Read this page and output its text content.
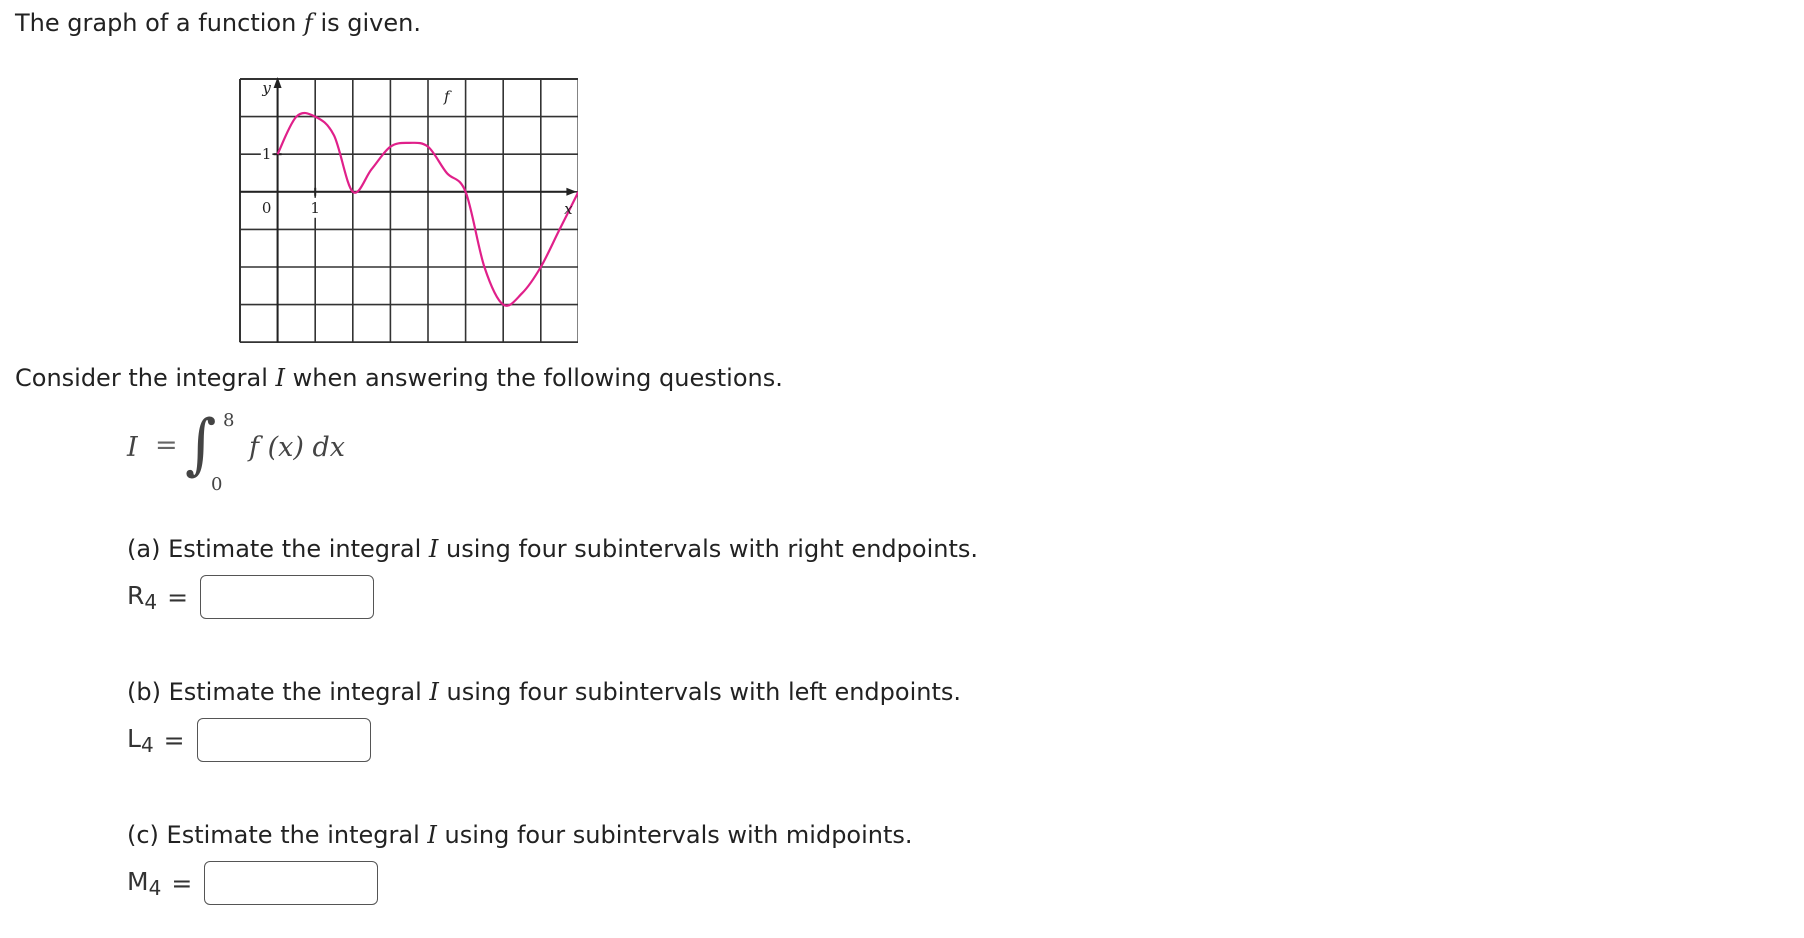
The graph of a function f is given.
y
x
0	1
1
f
Consider the integral I when answering the following questions.
I = ∫ 8
0
f (x) dx
(a) Estimate the integral I using four subintervals with right endpoints.
$R_4$ =
(b) Estimate the integral I using four subintervals with left endpoints.
$L_4$ =
(c) Estimate the integral I using four subintervals with midpoints.
$M_4$ =
